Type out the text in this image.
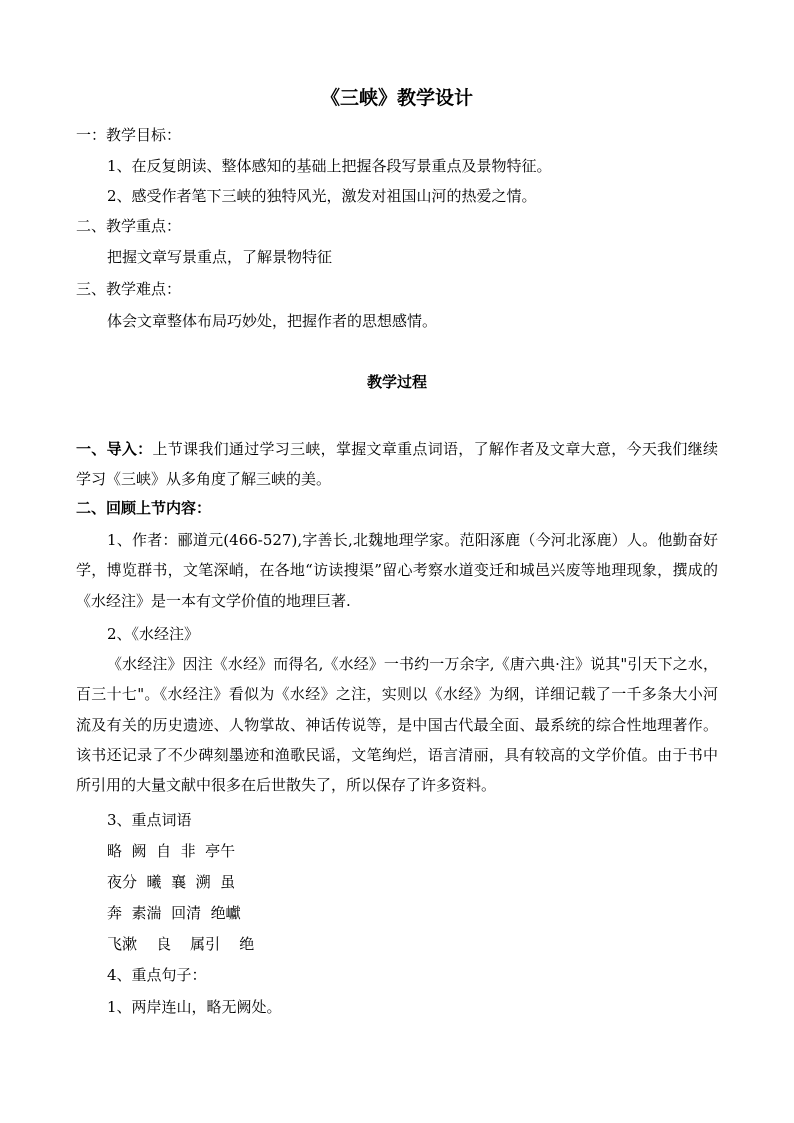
《三峡》教学设计
一：教学目标：
1、在反复朗读、整体感知的基础上把握各段写景重点及景物特征。
2、感受作者笔下三峡的独特风光，激发对祖国山河的热爱之情。
二、教学重点：
把握文章写景重点，了解景物特征
三、教学难点：
体会文章整体布局巧妙处，把握作者的思想感情。
教学过程

一、导入：上节课我们通过学习三峡，掌握文章重点词语，了解作者及文章大意，今天我们继续学习《三峡》从多角度了解三峡的美。

二、回顾上节内容：

1、作者：郦道元(466-527),字善长,北魏地理学家。范阳涿鹿（今河北涿鹿）人。他勤奋好学，博览群书，文笔深峭，在各地“访读搜渠”留心考察水道变迁和城邑兴废等地理现象，撰成的《水经注》是一本有文学价值的地理巨著.

2、《水经注》

《水经注》因注《水经》而得名,《水经》一书约一万余字,《唐六典·注》说其"引天下之水，百三十七"。《水经注》看似为《水经》之注，实则以《水经》为纲，详细记载了一千多条大小河流及有关的历史遗迹、人物掌故、神话传说等，是中国古代最全面、最系统的综合性地理著作。该书还记录了不少碑刻墨迹和渔歌民谣，文笔绚烂，语言清丽，具有较高的文学价值。由于书中所引用的大量文献中很多在后世散失了，所以保存了许多资料。

3、重点词语
略  阙  自  非  亭午
夜分  曦  襄  溯  虽
奔  素湍  回清  绝巘
飞漱    良    属引    绝
4、重点句子：
1、两岸连山，略无阙处。
